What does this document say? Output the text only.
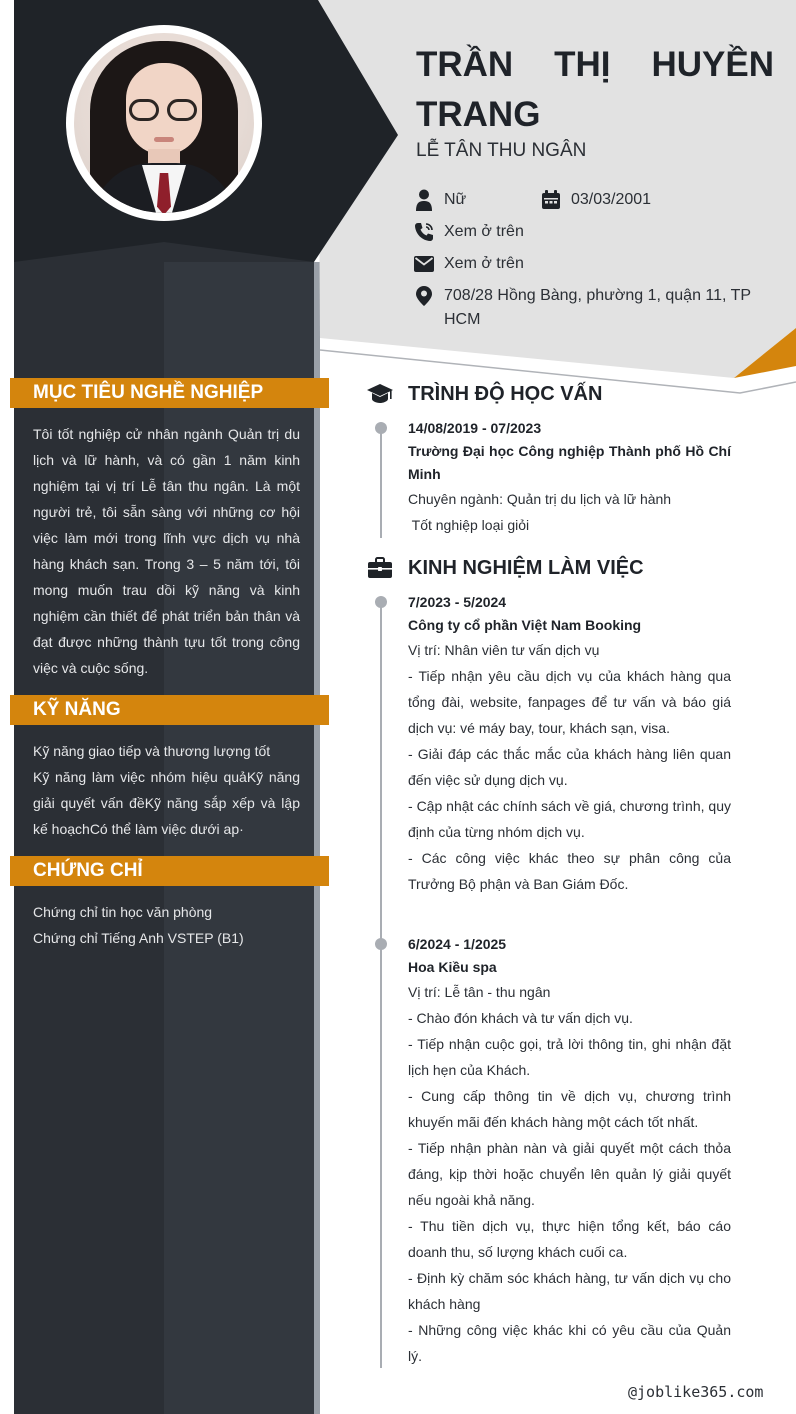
TRẦN THỊ HUYỀN TRANG
LỄ TÂN THU NGÂN
Nữ	03/03/2001
Xem ở trên
Xem ở trên
708/28 Hồng Bàng, phường 1, quận 11, TP HCM
MỤC TIÊU NGHỀ NGHIỆP
Tôi tốt nghiệp cử nhân ngành Quản trị du lịch và lữ hành, và có gần 1 năm kinh nghiệm tại vị trí Lễ tân thu ngân. Là một người trẻ, tôi sẵn sàng với những cơ hội việc làm mới trong lĩnh vực dịch vụ nhà hàng khách sạn. Trong 3 – 5 năm tới, tôi mong muốn trau dồi kỹ năng và kinh nghiệm cần thiết để phát triển bản thân và đạt được những thành tựu tốt trong công việc và cuộc sống.
KỸ NĂNG
Kỹ năng giao tiếp và thương lượng tốt
Kỹ năng làm việc nhóm hiệu quảKỹ năng giải quyết vấn đềKỹ năng sắp xếp và lập kế hoạchCó thể làm việc dưới ap·
CHỨNG CHỈ
Chứng chỉ tin học văn phòng
Chứng chỉ Tiếng Anh VSTEP (B1)
TRÌNH ĐỘ HỌC VẤN
14/08/2019 - 07/2023
Trường Đại học Công nghiệp Thành phố Hồ Chí Minh
Chuyên ngành: Quản trị du lịch và lữ hành
Tốt nghiệp loại giỏi
KINH NGHIỆM LÀM VIỆC
7/2023 - 5/2024
Công ty cổ phần Việt Nam Booking
Vị trí: Nhân viên tư vấn dịch vụ
- Tiếp nhận yêu cầu dịch vụ của khách hàng qua tổng đài, website, fanpages để tư vấn và báo giá dịch vụ: vé máy bay, tour, khách sạn, visa.
- Giải đáp các thắc mắc của khách hàng liên quan đến việc sử dụng dịch vụ.
- Cập nhật các chính sách về giá, chương trình, quy định của từng nhóm dịch vụ.
- Các công việc khác theo sự phân công của Trưởng Bộ phận và Ban Giám Đốc.
6/2024 - 1/2025
Hoa Kiều spa
Vị trí: Lễ tân - thu ngân
- Chào đón khách và tư vấn dịch vụ.
- Tiếp nhận cuộc gọi, trả lời thông tin, ghi nhận đặt lịch hẹn của Khách.
- Cung cấp thông tin về dịch vụ, chương trình khuyến mãi đến khách hàng một cách tốt nhất.
- Tiếp nhận phàn nàn và giải quyết một cách thỏa đáng, kịp thời hoặc chuyển lên quản lý giải quyết nếu ngoài khả năng.
- Thu tiền dịch vụ, thực hiện tổng kết, báo cáo doanh thu, số lượng khách cuối ca.
- Định kỳ chăm sóc khách hàng, tư vấn dịch vụ cho khách hàng
- Những công việc khác khi có yêu cầu của Quản lý.
@joblike365.com
